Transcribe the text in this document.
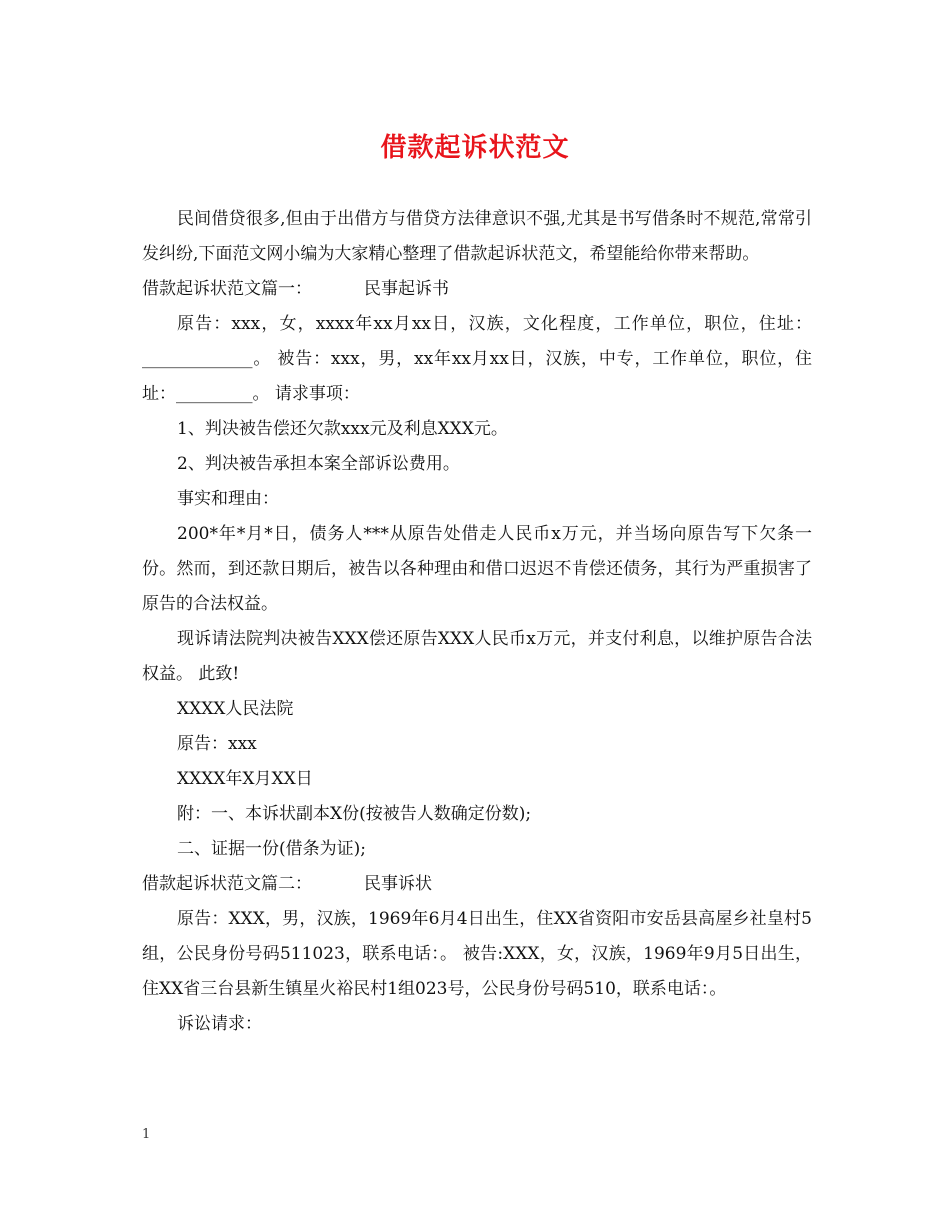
借款起诉状范文

民间借贷很多,但由于出借方与借贷方法律意识不强,尤其是书写借条时不规范,常常引发纠纷,下面范文网小编为大家精心整理了借款起诉状范文，希望能给你带来帮助。

借款起诉状范文篇一：	民事起诉书

原告：xxx，女，xxxx年xx月xx日，汉族，文化程度，工作单位，职位，住址：_____________。 被告：xxx，男，xx年xx月xx日，汉族，中专，工作单位，职位，住址：_________。 请求事项：

1、判决被告偿还欠款xxx元及利息XXX元。

2、判决被告承担本案全部诉讼费用。

事实和理由：

200*年*月*日，债务人***从原告处借走人民币x万元，并当场向原告写下欠条一份。然而，到还款日期后，被告以各种理由和借口迟迟不肯偿还债务，其行为严重损害了原告的合法权益。

现诉请法院判决被告XXX偿还原告XXX人民币x万元，并支付利息，以维护原告合法权益。 此致!

XXXX人民法院

原告：xxx

XXXX年X月XX日

附：一、本诉状副本X份(按被告人数确定份数);

二、证据一份(借条为证);

借款起诉状范文篇二：	民事诉状

原告：XXX，男，汉族，1969年6月4日出生，住XX省资阳市安岳县高屋乡社皇村5组，公民身份号码511023，联系电话：。 被告:XXX，女，汉族，1969年9月5日出生，住XX省三台县新生镇星火裕民村1组023号，公民身份号码510，联系电话：。

诉讼请求：

1
